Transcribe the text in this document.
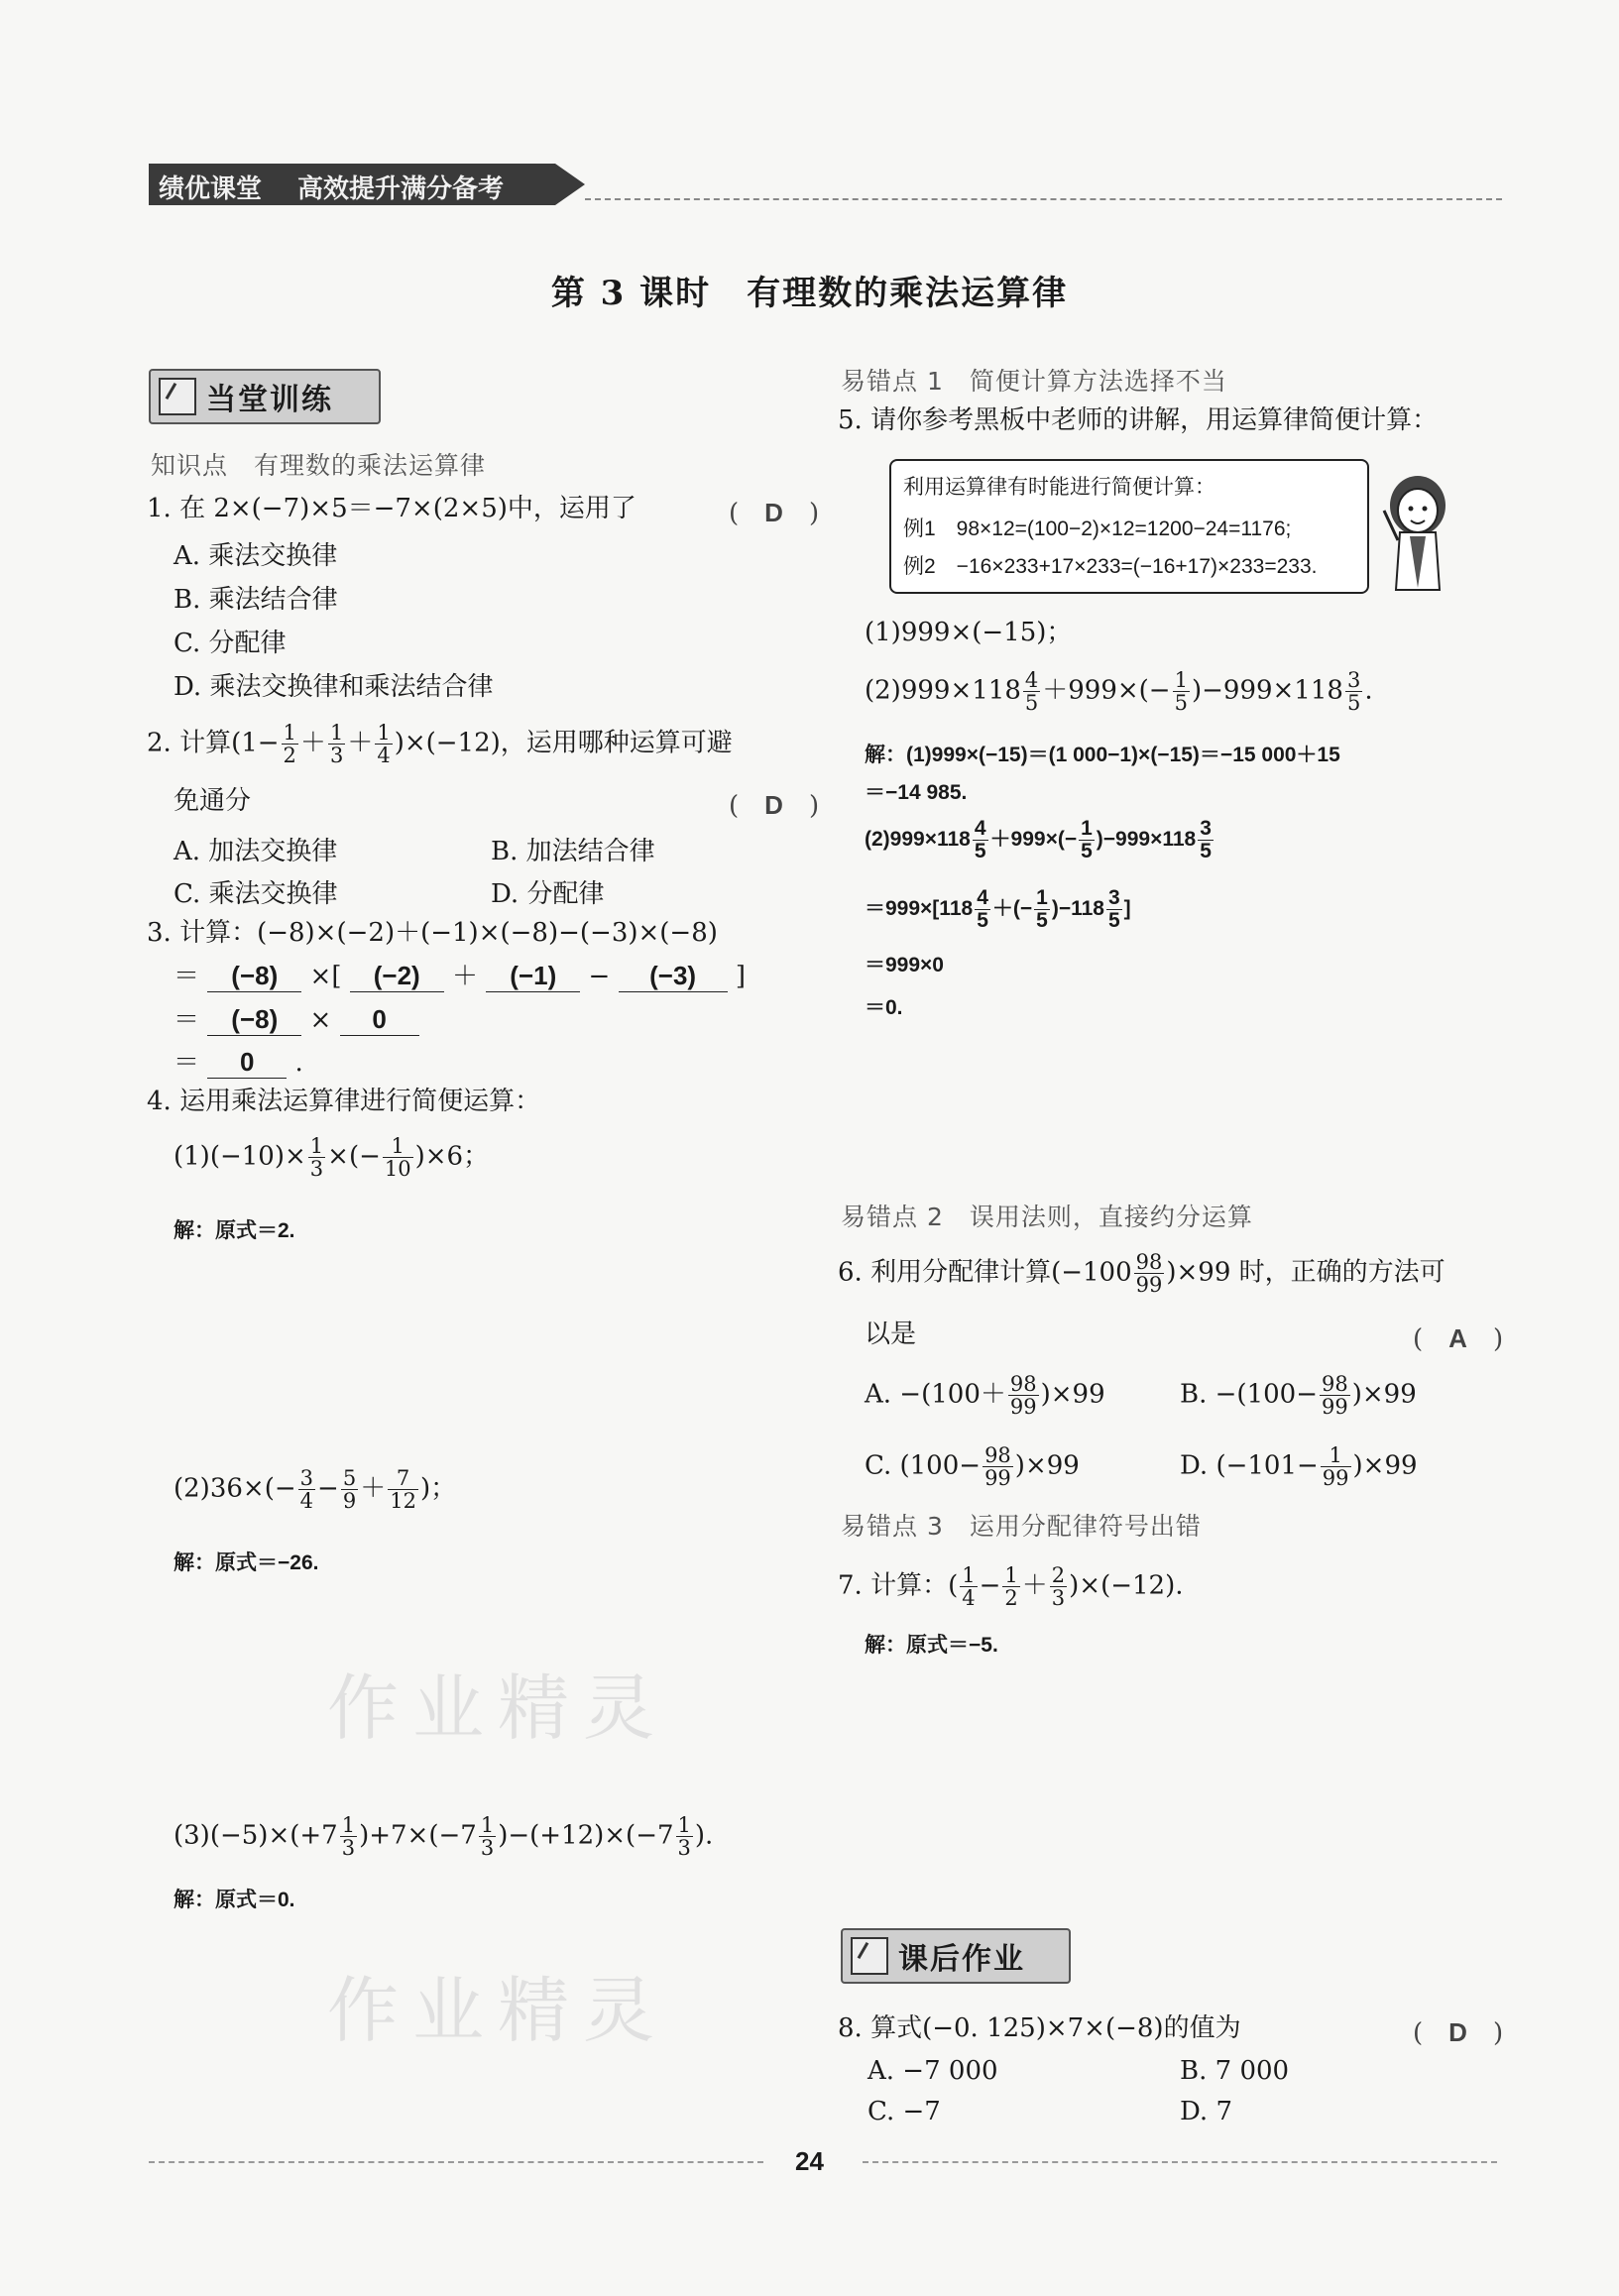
绩优课堂 高效提升满分备考
第 3 课时　有理数的乘法运算律
当堂训练
知识点　有理数的乘法运算律
1. 在 2×(−7)×5＝−7×(2×5)中，运用了	(　D　)
A. 乘法交换律
B. 乘法结合律
C. 分配律
D. 乘法交换律和乘法结合律
2. 计算$(1- \frac{1}{2} + \frac{1}{3} + \frac{1}{4} )\times(-12)$，运用哪种运算可避
免通分	(　D　)
A. 加法交换律	B. 加法结合律
C. 乘法交换律	D. 分配律
3. 计算：(−8)×(−2)＋(−1)×(−8)−(−3)×(−8)
＝ (−8) ×[ (−2) ＋ (−1) − (−3) ]
＝ (−8) × 0
＝ 0 .
4. 运用乘法运算律进行简便运算：
$(1)(-10)\times \frac{1}{3}$ ×(− $\frac{1}{10} )\times 6$；
解：原式＝2.
$(2)36\times(- \frac{3}{4} - \frac{5}{9} + \frac{7}{12}$ )；
解：原式＝−26.
作业精灵
$(3)(-5)\times(+7 \frac{1}{3} )+7\times(-7 \frac{1}{3} )-(+12)\times(-7 \frac{1}{3}$ ).
解：原式＝0.
作业精灵
易错点 1　简便计算方法选择不当
5. 请你参考黑板中老师的讲解，用运算律简便计算：
利用运算律有时能进行简便计算：
例1　98×12=(100−2)×12=1200−24=1176;
例2　−16×233+17×233=(−16+17)×233=233.
(1)999×(−15)；
$(2)999\times 118 \frac{4}{5} +999\times(- \frac{1}{5} )-999\times 118 \frac{3}{5}$ .
解：(1)999×(−15)＝(1 000−1)×(−15)＝−15 000＋15
＝−14 985.
$(2)999\times 118 \frac{4}{5} +999\times(- \frac{1}{5} )-999\times 118 \frac{3}{5}$
$=999\times[118 \frac{4}{5}$ ＋(− $\frac{1}{5} )-118 \frac{3}{5}$ ]
＝999×0
＝0.
易错点 2　误用法则，直接约分运算
6. 利用分配律计算$(-100 \frac{98}{99} )\times 99$ 时，正确的方法可
以是	(　A　)
A. $-(100+ \frac{98}{99} )\times 99$	B. $-(100- \frac{98}{99} )\times 99$
C. $(100- \frac{98}{99} )\times 99$	D. $(-101- \frac{1}{99} )\times 99$
易错点 3　运用分配律符号出错
7. 计算：( $\frac{1}{4} - \frac{1}{2} + \frac{2}{3} )\times(-12)$.
解：原式＝−5.
课后作业
8. 算式(−0. 125)×7×(−8)的值为	(　D　)
A. −7 000	B. 7 000
C. −7	D. 7
24
